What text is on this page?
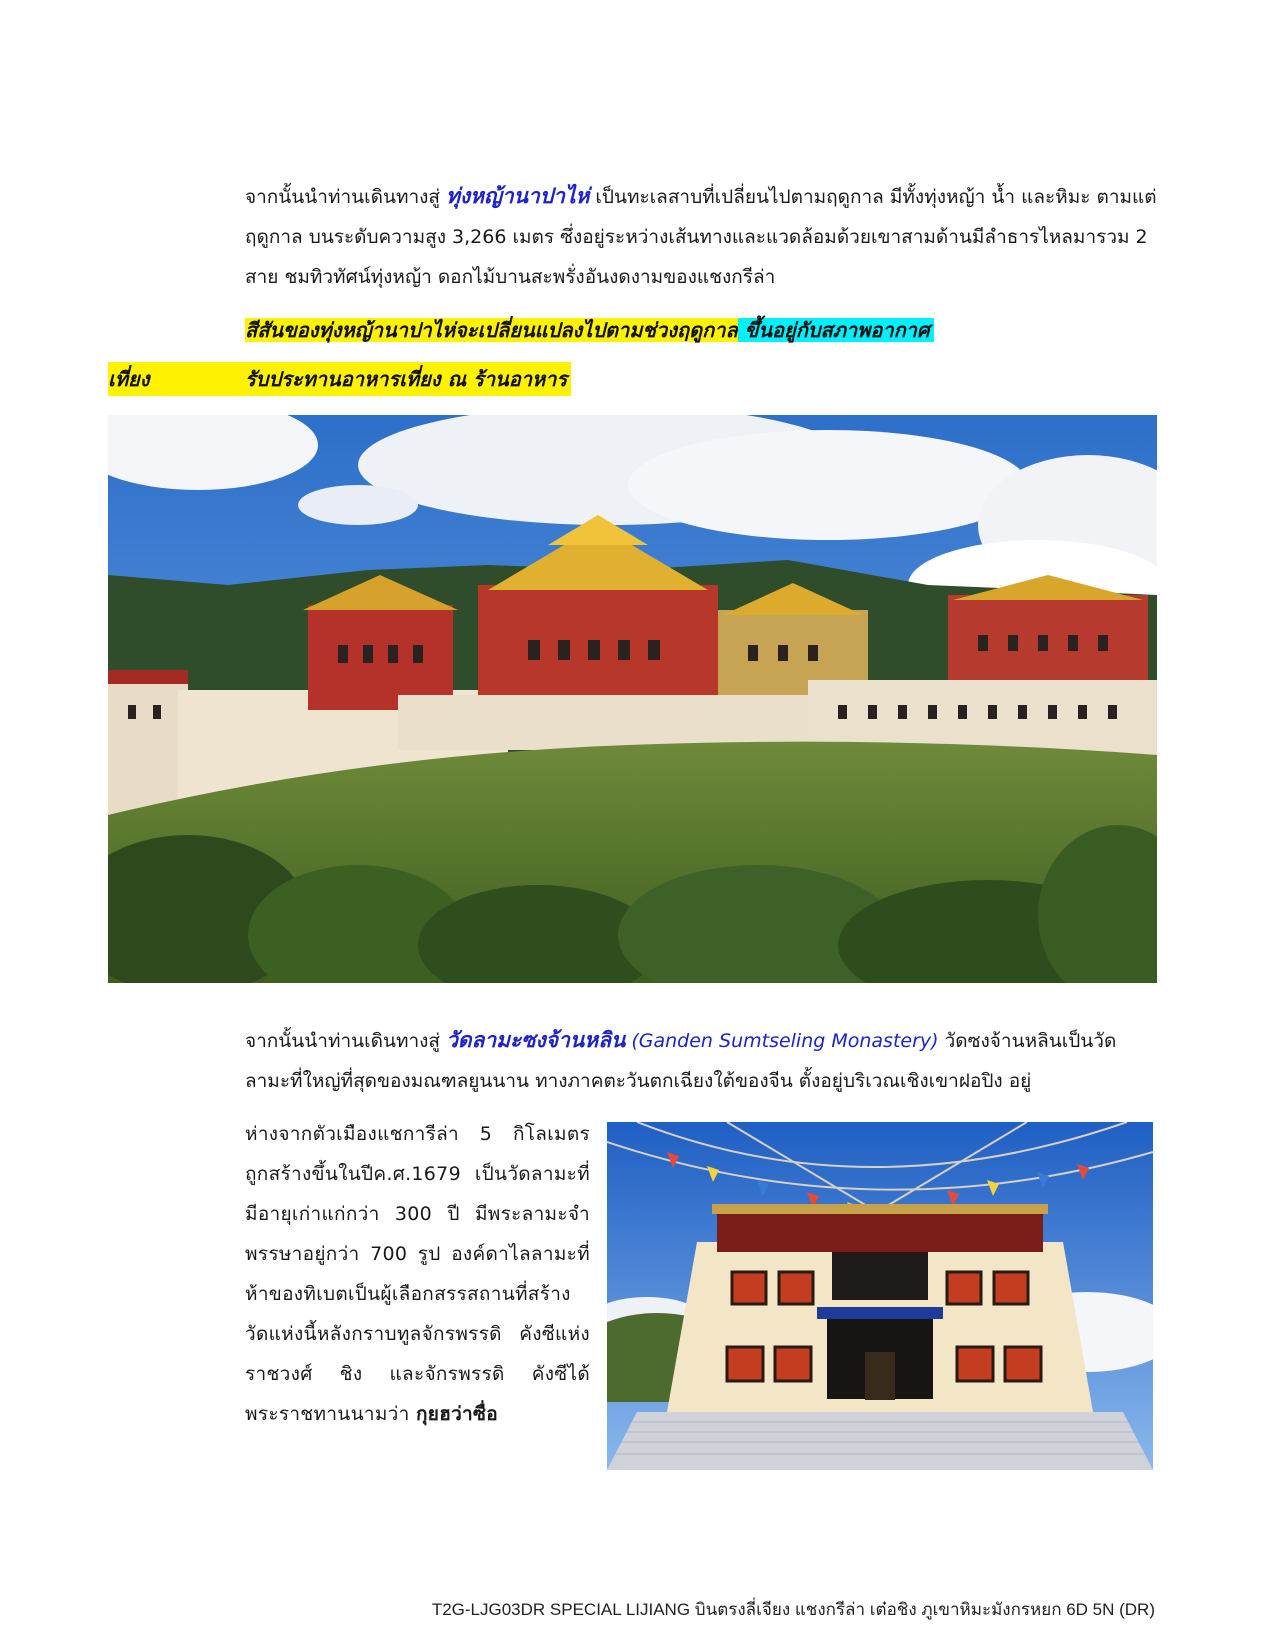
จากนั้นนำท่านเดินทางสู่ ทุ่งหญ้านาปาไห่ เป็นทะเลสาบที่เปลี่ยนไปตามฤดูกาล มีทั้งทุ่งหญ้า น้ำ และหิมะ ตามแต่ฤดูกาล บนระดับความสูง 3,266 เมตร ซึ่งอยู่ระหว่างเส้นทางและแวดล้อมด้วยเขาสามด้านมีลำธารไหลมารวม 2 สาย ชมทิวทัศน์ทุ่งหญ้า ดอกไม้บานสะพรั่งอันงดงามของแชงกรีล่า
สีสันของทุ่งหญ้านาปาไห่จะเปลี่ยนแปลงไปตามช่วงฤดูกาล ขึ้นอยู่กับสภาพอากาศ
เที่ยง	รับประทานอาหารเที่ยง ณ ร้านอาหาร
จากนั้นนำท่านเดินทางสู่ วัดลามะซงจ้านหลิน (Ganden Sumtseling Monastery) วัดซงจ้านหลินเป็นวัดลามะที่ใหญ่ที่สุดของมณฑลยูนนาน ทางภาคตะวันตกเฉียงใต้ของจีน ตั้งอยู่บริเวณเชิงเขาฝอปิง อยู่
ห่างจากตัวเมืองแชการีล่า 5 กิโลเมตร ถูกสร้างขึ้นในปีค.ศ.1679 เป็นวัดลามะที่มีอายุเก่าแก่กว่า 300 ปี มีพระลามะจำพรรษาอยู่กว่า 700 รูป องค์ดาไลลามะที่ห้าของทิเบตเป็นผู้เลือกสรรสถานที่สร้างวัดแห่งนี้หลังกราบทูลจักรพรรดิ คังซีแห่งราชวงศ์ ชิง และจักรพรรดิ คังซีได้พระราชทานนามว่า กุยฮว่าซื่อ
T2G-LJG03DR SPECIAL LIJIANG บินตรงลี่เจียง แชงกรีล่า เต๋อชิง ภูเขาหิมะมังกรหยก 6D 5N (DR)
